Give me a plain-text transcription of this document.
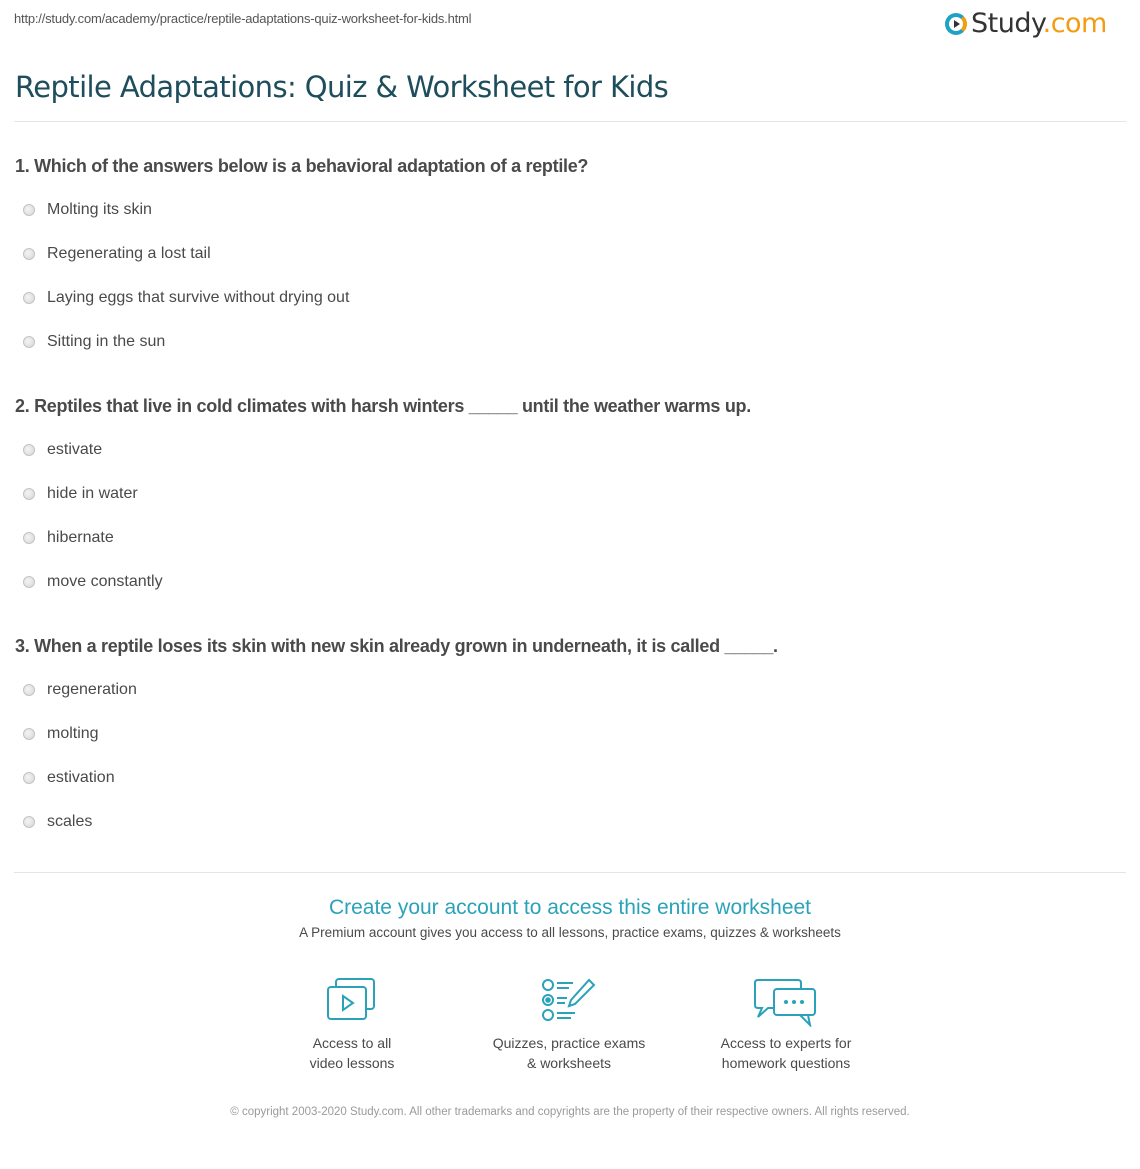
http://study.com/academy/practice/reptile-adaptations-quiz-worksheet-for-kids.html	Study.com
Reptile Adaptations: Quiz & Worksheet for Kids
1. Which of the answers below is a behavioral adaptation of a reptile?
Molting its skin
Regenerating a lost tail
Laying eggs that survive without drying out
Sitting in the sun
2. Reptiles that live in cold climates with harsh winters _____ until the weather warms up.
estivate
hide in water
hibernate
move constantly
3. When a reptile loses its skin with new skin already grown in underneath, it is called _____.
regeneration
molting
estivation
scales
Create your account to access this entire worksheet
A Premium account gives you access to all lessons, practice exams, quizzes & worksheets
Access to all
video lessons
Quizzes, practice exams
& worksheets
Access to experts for
homework questions
© copyright 2003-2020 Study.com. All other trademarks and copyrights are the property of their respective owners. All rights reserved.
